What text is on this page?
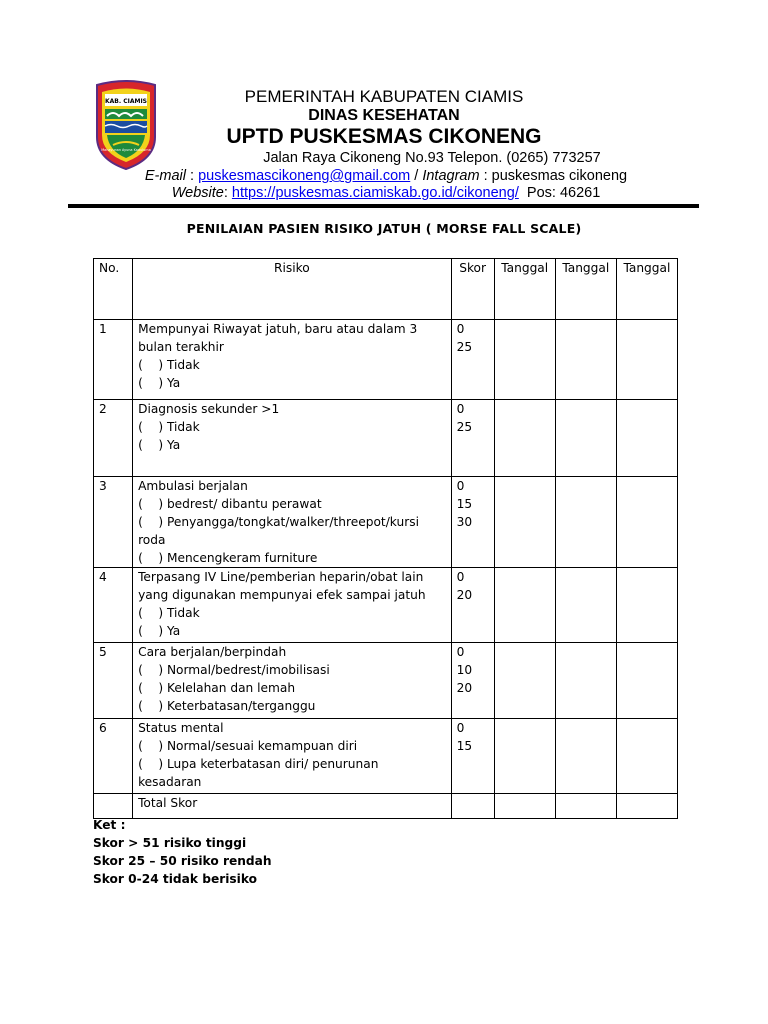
KAB. CIAMIS
Mahayunan Ayuna Kadulurna
PEMERINTAH KABUPATEN CIAMIS
DINAS KESEHATAN
UPTD PUSKESMAS CIKONENG
Jalan Raya Cikoneng No.93 Telepon. (0265) 773257
E-mail : puskesmascikoneng@gmail.com / Intagram : puskesmas cikoneng
Website: https://puskesmas.ciamiskab.go.id/cikoneng/  Pos: 46261
PENILAIAN PASIEN RISIKO JATUH ( MORSE FALL SCALE)
No.	Risiko	Skor	Tanggal	Tanggal	Tanggal
1	Mempunyai Riwayat jatuh, baru atau dalam 3 bulan terakhir
(    ) Tidak
(    ) Ya	0
25			

2	Diagnosis sekunder >1
(    ) Tidak
(    ) Ya	0
25			

3	Ambulasi berjalan
(    ) bedrest/ dibantu perawat
(    ) Penyangga/tongkat/walker/threepot/kursi roda
(    ) Mencengkeram furniture	0
15
30			

4	Terpasang IV Line/pemberian heparin/obat lain yang digunakan mempunyai efek sampai jatuh
(    ) Tidak
(    ) Ya	0
20			

5	Cara berjalan/berpindah
(    ) Normal/bedrest/imobilisasi
(    ) Kelelahan dan lemah
(    ) Keterbatasan/terganggu	0
10
20			

6	Status mental
(    ) Normal/sesuai kemampuan diri
(    ) Lupa keterbatasan diri/ penurunan kesadaran	0
15			

	Total Skor				
Ket :
Skor > 51 risiko tinggi
Skor 25 – 50 risiko rendah
Skor 0-24 tidak berisiko
